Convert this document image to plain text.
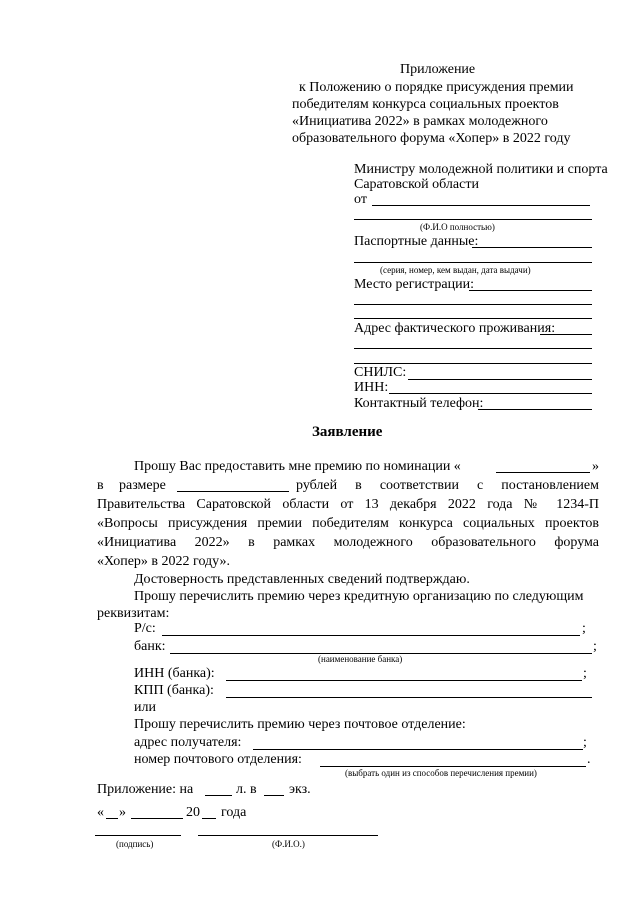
Приложение
к Положению о порядке присуждения премии
победителям конкурса социальных проектов
«Инициатива 2022» в рамках молодежного
образовательного форума «Хопер» в 2022 году
Министру молодежной политики и спорта
Саратовской области
от
(Ф.И.О полностью)
Паспортные данные:
(серия, номер, кем выдан, дата выдачи)
Место регистрации:
Адрес фактического проживания:
СНИЛС:
ИНН:
Контактный телефон:
Заявление
Прошу Вас предоставить мне премию по номинации «	»
в размере	рублей в соответствии с постановлением
Правительства Саратовской области от 13 декабря 2022 года № 1234-П
«Вопросы присуждения премии победителям конкурса социальных проектов
«Инициатива 2022» в рамках молодежного образовательного форума
«Хопер» в 2022 году».
Достоверность представленных сведений подтверждаю.
Прошу перечислить премию через кредитную организацию по следующим
реквизитам:
Р/с:	;
банк:	;
(наименование банка)
ИНН (банка):	;
КПП (банка):
или
Прошу перечислить премию через почтовое отделение:
адрес получателя:	;
номер почтового отделения:	.
(выбрать один из способов перечисления премии)
Приложение: на	л. в экз.
« »	20 года
(подпись)	(Ф.И.О.)
